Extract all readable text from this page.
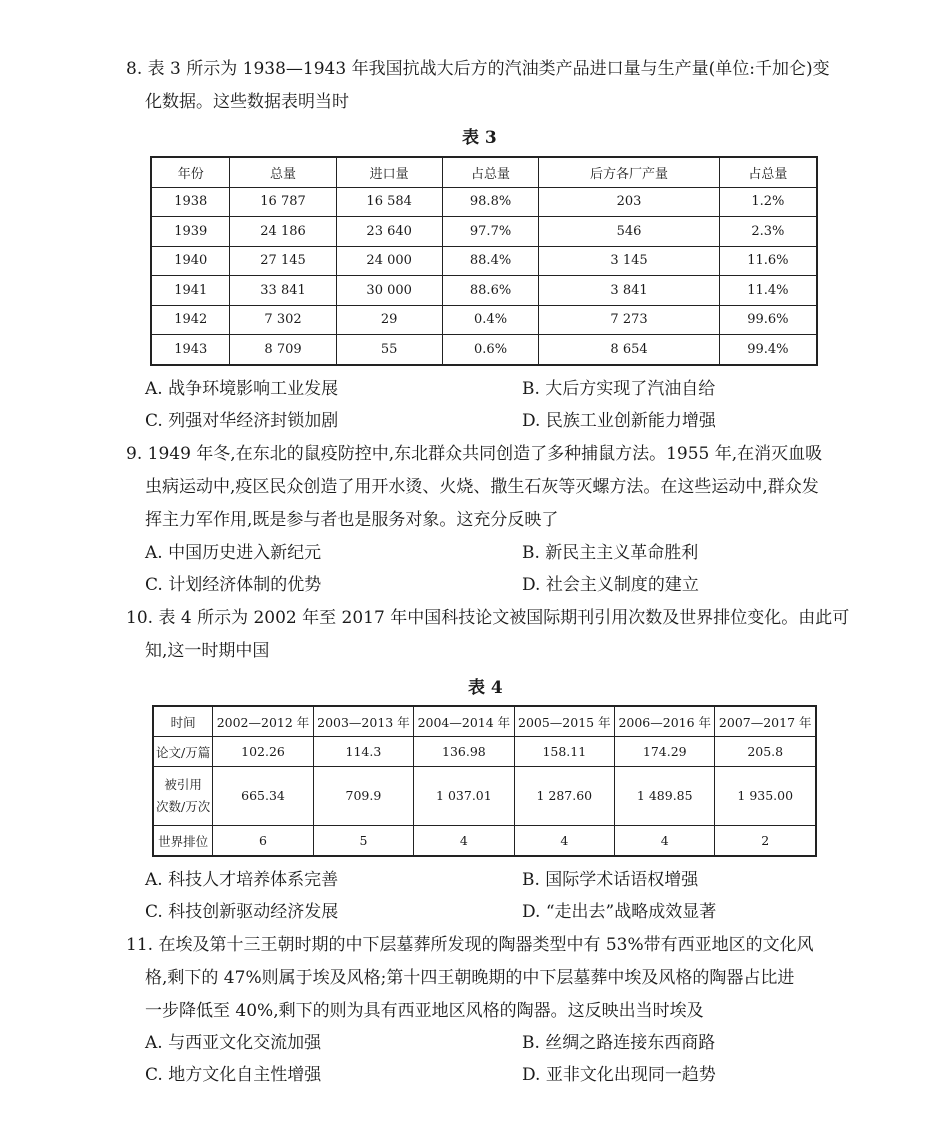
8. 表 3 所示为 1938—1943 年我国抗战大后方的汽油类产品进口量与生产量(单位:千加仑)变
化数据。这些数据表明当时
表 3
年份	总量	进口量	占总量	后方各厂产量	占总量
1938	16 787	16 584	98.8%	203	1.2%
1939	24 186	23 640	97.7%	546	2.3%
1940	27 145	24 000	88.4%	3 145	11.6%
1941	33 841	30 000	88.6%	3 841	11.4%
1942	7 302	29	0.4%	7 273	99.6%
1943	8 709	55	0.6%	8 654	99.4%
A. 战争环境影响工业发展	B. 大后方实现了汽油自给
C. 列强对华经济封锁加剧	D. 民族工业创新能力增强
9. 1949 年冬,在东北的鼠疫防控中,东北群众共同创造了多种捕鼠方法。1955 年,在消灭血吸
虫病运动中,疫区民众创造了用开水烫、火烧、撒生石灰等灭螺方法。在这些运动中,群众发
挥主力军作用,既是参与者也是服务对象。这充分反映了
A. 中国历史进入新纪元	B. 新民主主义革命胜利
C. 计划经济体制的优势	D. 社会主义制度的建立
10. 表 4 所示为 2002 年至 2017 年中国科技论文被国际期刊引用次数及世界排位变化。由此可
知,这一时期中国
表 4
时间	2002—2012 年	2003—2013 年	2004—2014 年	2005—2015 年	2006—2016 年	2007—2017 年
论文/万篇	102.26	114.3	136.98	158.11	174.29	205.8

被引用
次数/万次	665.34	709.9	1 037.01	1 287.60	1 489.85	1 935.00
世界排位	6	5	4	4	4	2
A. 科技人才培养体系完善	B. 国际学术话语权增强
C. 科技创新驱动经济发展	D. “走出去”战略成效显著
11. 在埃及第十三王朝时期的中下层墓葬所发现的陶器类型中有 53%带有西亚地区的文化风
格,剩下的 47%则属于埃及风格;第十四王朝晚期的中下层墓葬中埃及风格的陶器占比进
一步降低至 40%,剩下的则为具有西亚地区风格的陶器。这反映出当时埃及
A. 与西亚文化交流加强	B. 丝绸之路连接东西商路
C. 地方文化自主性增强	D. 亚非文化出现同一趋势
